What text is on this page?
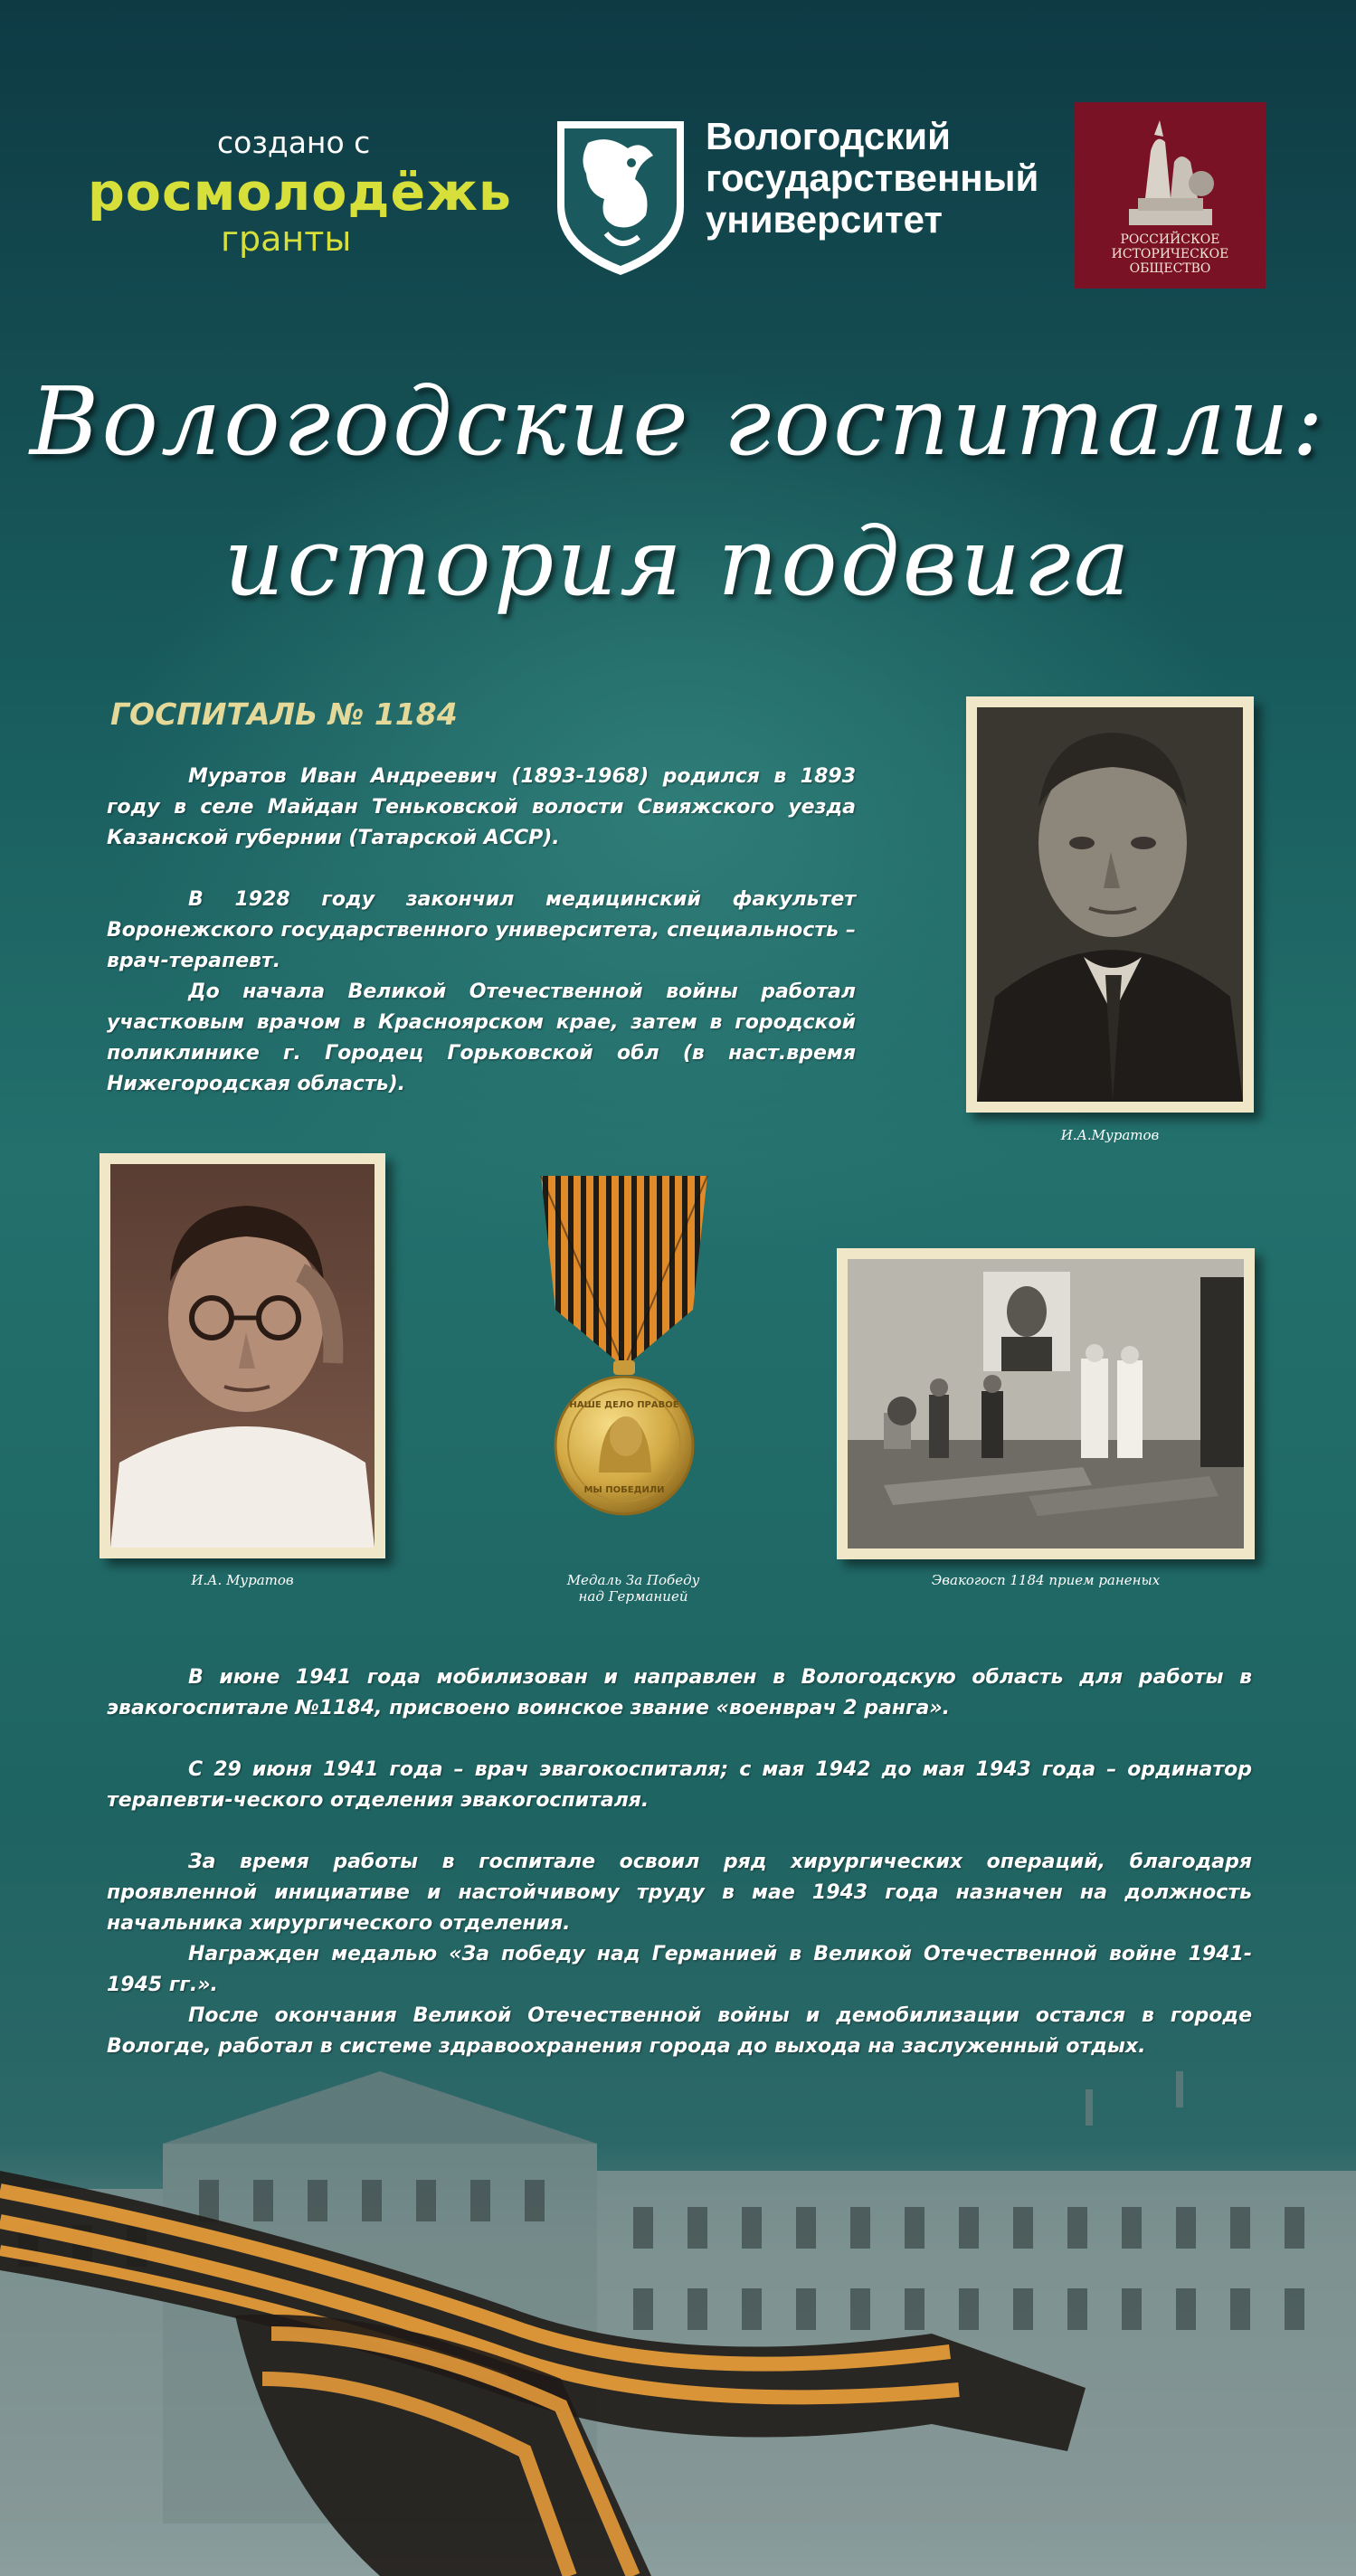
создано с
росмолодёжь
гранты
Вологодский
государственный
университет	РОССИЙСКОЕ
ИСТОРИЧЕСКОЕ
ОБЩЕСТВО
Вологодские госпитали:
история подвига
ГОСПИТАЛЬ № 1184
Муратов Иван Андреевич (1893-1968) родился в 1893 году в селе Майдан Теньковской волости Свияжского уезда Казанской губернии (Татарской АССР).
В 1928 году закончил медицинский факультет Воронежского государственного университета, специальность – врач-терапевт.
До начала Великой Отечественной войны работал участковым врачом в Красноярском крае, затем в городской поликлинике г. Городец Горьковской обл (в наст.время Нижегородская область).
И.А.Муратов
И.А. Муратов
НАШЕ ДЕЛО ПРАВОЕ
МЫ ПОБЕДИЛИ
Медаль За Победу
над Германией
Эвакогосп 1184 прием раненых
В июне 1941 года мобилизован и направлен в Вологодскую область для работы в эвакогоспитале №1184, присвоено воинское звание «военврач 2 ранга».
С 29 июня 1941 года – врач эвагокоспиталя; с мая 1942 до мая 1943 года – ординатор терапевти-ческого отделения эвакогоспиталя.
За время работы в госпитале освоил ряд хирургических операций, благодаря проявленной инициативе и настойчивому труду в мае 1943 года назначен на должность начальника хирургического отделения.
Награжден медалью «За победу над Германией в Великой Отечественной войне 1941-1945 гг.».
После окончания Великой Отечественной войны и демобилизации остался в городе Вологде, работал в системе здравоохранения города до выхода на заслуженный отдых.
